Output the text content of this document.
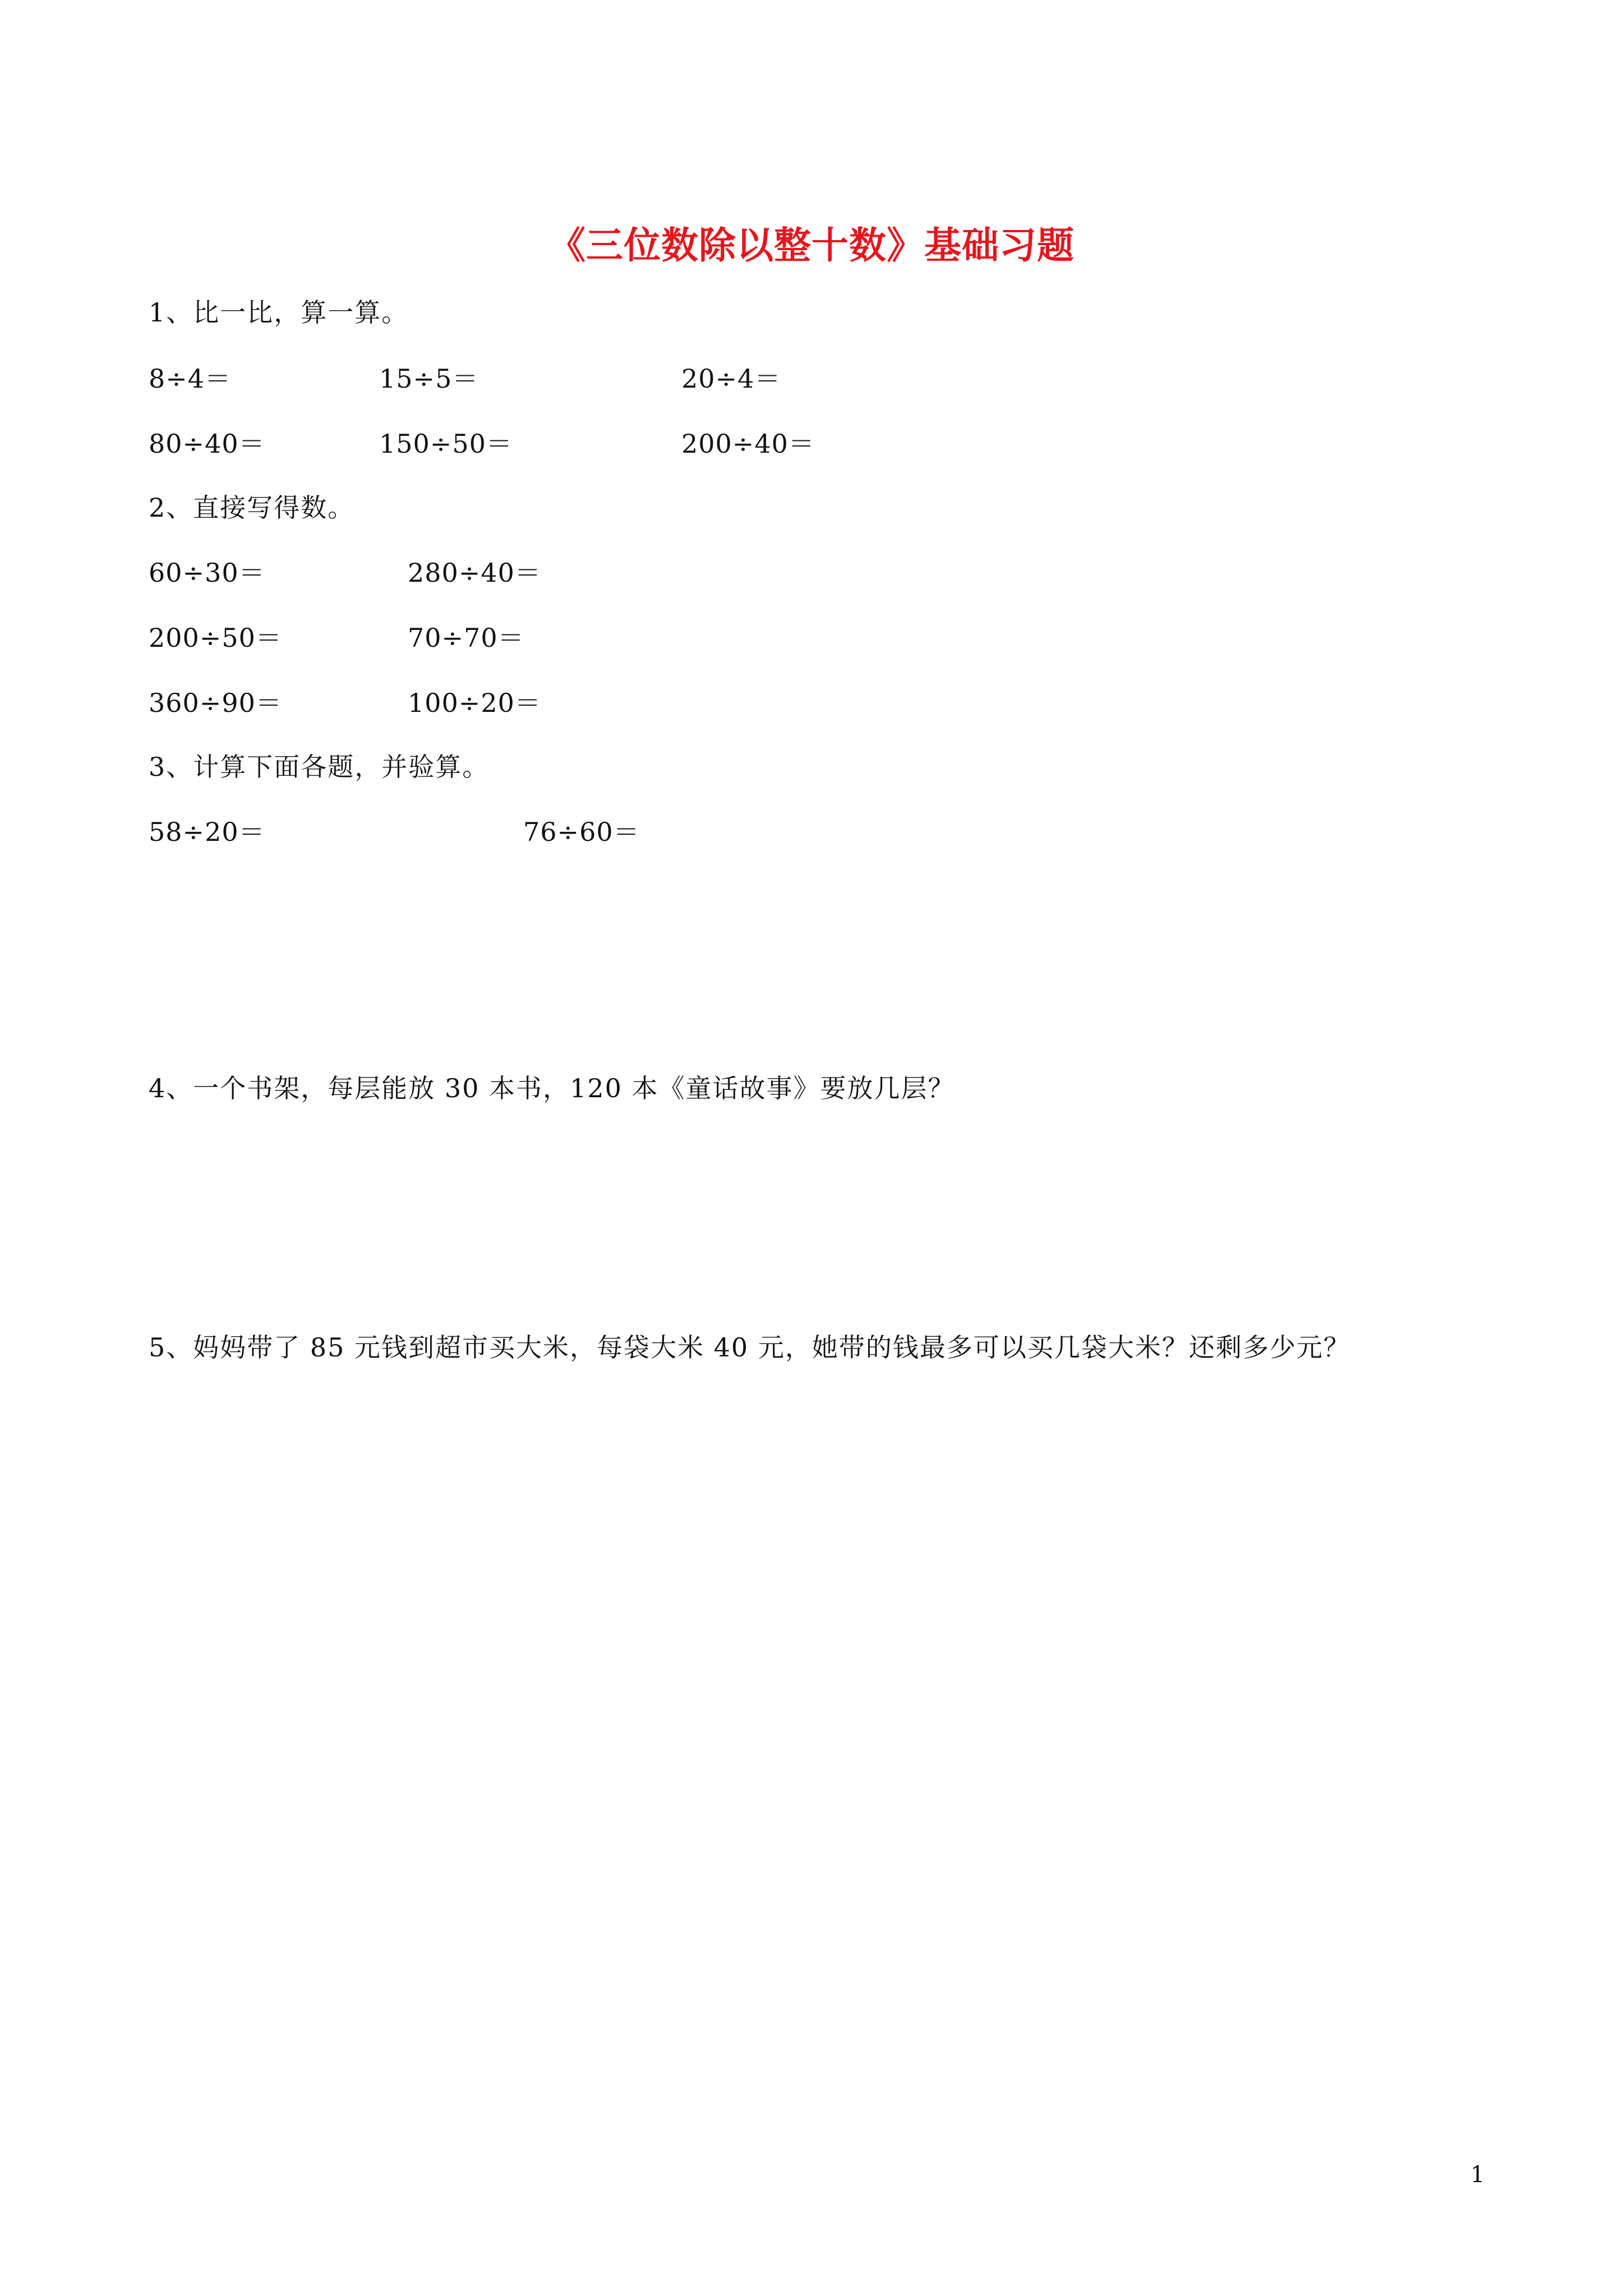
《三位数除以整十数》基础习题
1、比一比，算一算。
8÷4＝	15÷5＝	20÷4＝
80÷40＝	150÷50＝	200÷40＝
2、直接写得数。
60÷30＝	280÷40＝
200÷50＝	70÷70＝
360÷90＝	100÷20＝
3、计算下面各题，并验算。
58÷20＝	76÷60＝
4、一个书架，每层能放 30 本书，120 本《童话故事》要放几层？
5、妈妈带了 85 元钱到超市买大米，每袋大米 40 元，她带的钱最多可以买几袋大米？还剩多少元？
1
